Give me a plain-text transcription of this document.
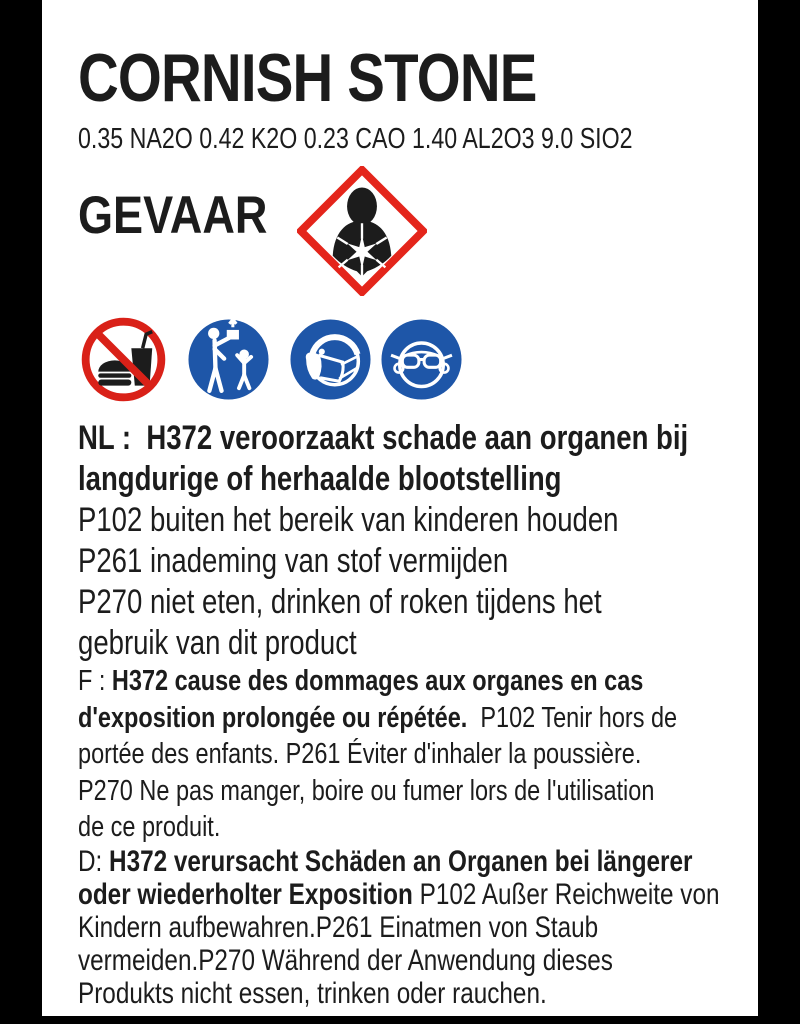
CORNISH STONE
0.35 NA2O 0.42 K2O 0.23 CAO 1.40 AL2O3 9.0 SIO2
GEVAAR
NL :  H372 veroorzaakt schade aan organen bij
langdurige of herhaalde blootstelling
P102 buiten het bereik van kinderen houden
P261 inademing van stof vermijden
P270 niet eten, drinken of roken tijdens het
gebruik van dit product
F : H372 cause des dommages aux organes en cas
d'exposition prolongée ou répétée.  P102 Tenir hors de
portée des enfants. P261 Éviter d'inhaler la poussière.
P270 Ne pas manger, boire ou fumer lors de l'utilisation
de ce produit.
D: H372 verursacht Schäden an Organen bei längerer
oder wiederholter Exposition P102 Außer Reichweite von
Kindern aufbewahren.P261 Einatmen von Staub
vermeiden.P270 Während der Anwendung dieses
Produkts nicht essen, trinken oder rauchen.
